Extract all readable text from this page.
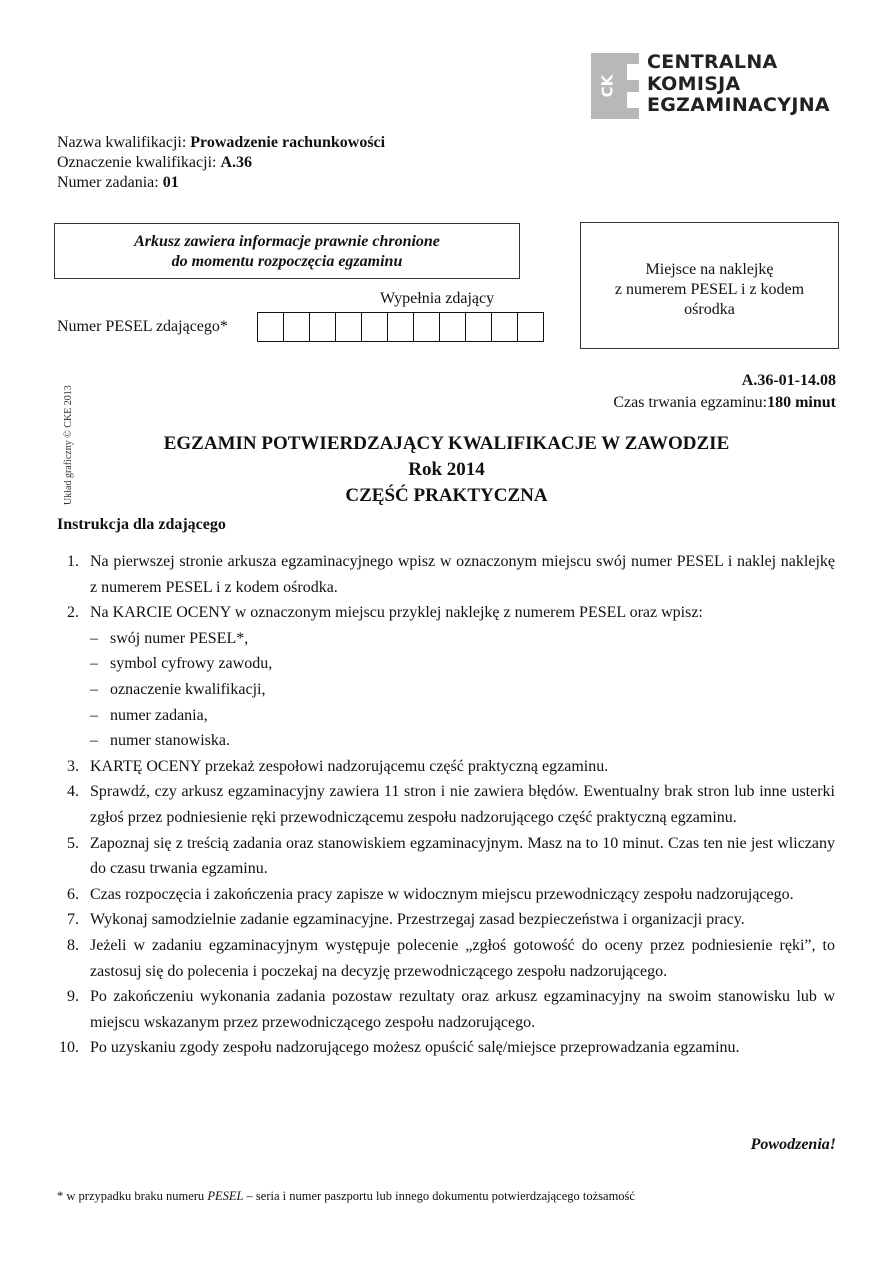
CK
CENTRALNA
KOMISJA
EGZAMINACYJNA
Nazwa kwalifikacji: Prowadzenie rachunkowości
Oznaczenie kwalifikacji: A.36
Numer zadania: 01
Arkusz zawiera informacje prawnie chronione
do momentu rozpoczęcia egzaminu
Wypełnia zdający
Numer PESEL zdającego*
Miejsce na naklejkę
z numerem PESEL i z kodem
ośrodka
A.36-01-14.08
Czas trwania egzaminu:180 minut
Układ graficzny © CKE 2013	EGZAMIN POTWIERDZAJĄCY KWALIFIKACJE W ZAWODZIE
Rok 2014
CZĘŚĆ PRAKTYCZNA
Instrukcja dla zdającego
1. Na pierwszej stronie arkusza egzaminacyjnego wpisz w oznaczonym miejscu swój numer PESEL i naklej naklejkę z numerem PESEL i z kodem ośrodka.
2. Na KARCIE OCENY w oznaczonym miejscu przyklej naklejkę z numerem PESEL oraz wpisz:
– swój numer PESEL*,
– symbol cyfrowy zawodu,
– oznaczenie kwalifikacji,
– numer zadania,
– numer stanowiska.
3. KARTĘ OCENY przekaż zespołowi nadzorującemu część praktyczną egzaminu.
4. Sprawdź, czy arkusz egzaminacyjny zawiera 11 stron i nie zawiera błędów. Ewentualny brak stron lub inne usterki zgłoś przez podniesienie ręki przewodniczącemu zespołu nadzorującego część praktyczną egzaminu.
5. Zapoznaj się z treścią zadania oraz stanowiskiem egzaminacyjnym. Masz na to 10 minut. Czas ten nie jest wliczany do czasu trwania egzaminu.
6. Czas rozpoczęcia i zakończenia pracy zapisze w widocznym miejscu przewodniczący zespołu nadzorującego.
7. Wykonaj samodzielnie zadanie egzaminacyjne. Przestrzegaj zasad bezpieczeństwa i organizacji pracy.
8. Jeżeli w zadaniu egzaminacyjnym występuje polecenie „zgłoś gotowość do oceny przez podniesienie ręki”, to zastosuj się do polecenia i poczekaj na decyzję przewodniczącego zespołu nadzorującego.
9. Po zakończeniu wykonania zadania pozostaw rezultaty oraz arkusz egzaminacyjny na swoim stanowisku lub w miejscu wskazanym przez przewodniczącego zespołu nadzorującego.
10. Po uzyskaniu zgody zespołu nadzorującego możesz opuścić salę/miejsce przeprowadzania egzaminu.
Powodzenia!
* w przypadku braku numeru PESEL – seria i numer paszportu lub innego dokumentu potwierdzającego tożsamość
